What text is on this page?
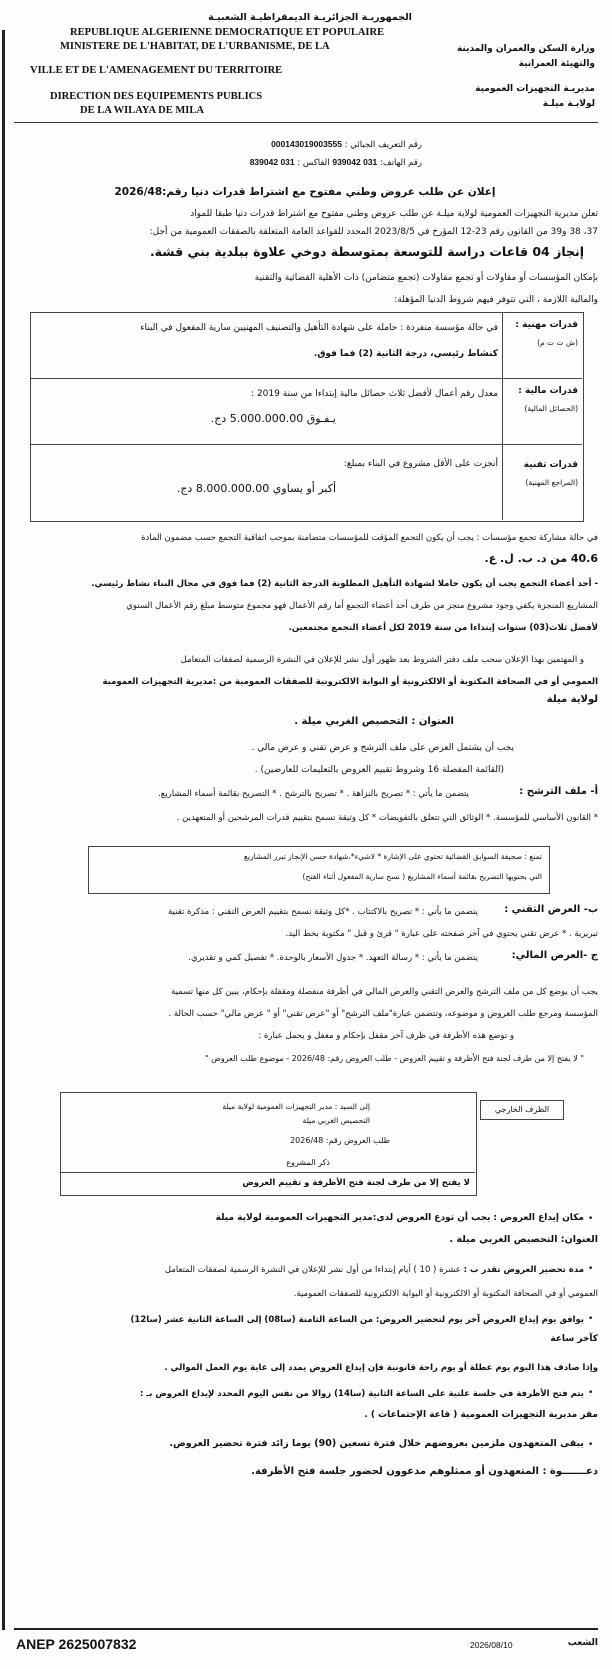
الجمهوريـة الجزائريـة الديمقراطيـة الشعبيـة
REPUBLIQUE ALGERIENNE DEMOCRATIQUE ET POPULAIRE
MINISTERE DE L'HABITAT, DE L'URBANISME, DE LA
VILLE ET DE L'AMENAGEMENT DU TERRITOIRE
DIRECTION DES EQUIPEMENTS PUBLICS
DE LA WILAYA DE MILA
وزارة السكن والعمران والمدينة
والتهيئة العمرانية
مديريـة التجهيزات العمومية
لولايـة ميلـة
رقم التعريف الجبائي : 000143019003555
رقم الهاتف: 031 939042 الفاكس : 031 839042
إعلان عن طلب عروض وطني مفتوح مع اشتراط قدرات دنيا رقم:2026/48
تعلن مديرية التجهيزات العمومية لولاية ميلـة عن طلب عروض وطني مفتوح مع اشتراط قدرات دنيا طبقا للمواد
37، 38 و39 من القانون رقم 23-12 المؤرخ في 2023/8/5 المحدد للقواعد العامة المتعلقة بالصفقات العمومية من أجل:
إنجاز 04 قاعات دراسة للتوسعة بمتوسطة دوخي علاوة ببلدية بني قشة.
بإمكان المؤسسات أو مقاولات أو تجمع مقاولات (تجمع متضامن) ذات الأهلية القضائية والتقنية
والمالية اللازمة ، التي تتوفر فيهم شروط الدنيا المؤهلة:
قدرات مهنية :
(ش ت ت م)
في حالة مؤسسة منفردة : حاملة على شهادة التأهيل والتصنيف المهنيين سارية المفعول في البناء
كنشاط رئيسي، درجة الثانية (2) فما فوق.
قدرات مالية :
(الحصائل المالية)
معدل رقم أعمال لأفضل ثلاث حصائل مالية إبتداءا من سنة 2019 :
يـفـوق 5.000.000.00 دج.
قدرات تقنية
(المراجع المهنية)
أنجزت على الأقل مشروع في البناء بمبلغ:
أكبر أو يساوي 8.000.000.00 دج.
في حالة مشاركة تجمع مؤسسات : يجب أن يكون التجمع المؤقت للمؤسسات متضامنة بموجب اتفاقية التجمع حسب مضمون المادة
40.6 من د. ب. ل. ع.
- أحد أعضاء التجمع يجب أن يكون حاملا لشهادة التأهيل المطلوبة الدرجة الثانية (2) فما فوق في مجال البناء نشاط رئيسي.
المشاريع المنجزة يكفي وجود مشروع منجز من طرف أحد أعضاء التجمع أما رقم الأعمال فهو مجموع متوسط مبلغ رقم الأعمال السنوي
لأفضل ثلاث(03) سنوات إبتداءا من سنة 2019 لكل أعضاء التجمع مجتمعين.
و المهتمين بهذا الإعلان سحب ملف دفتر الشروط بعد ظهور أول نشر للإعلان في النشرة الرسمية لصفقات المتعامل
العمومي أو في الصحافة المكتوبة أو الالكترونية أو البوابة الالكترونية للصفقات العمومية من :مديرية التجهيزات العمومية
لولاية ميلة
العنوان : التحصيص الغربي ميلة .
يجب أن يشتمل العرض على ملف الترشح و عرض تقني و عرض مالي .
(القائمة المفصلة 16 وشروط تقييم العروض بالتعليمات للعارضين) .
أ- ملف الترشح :
يتضمن ما يأتي : * تصريح بالنزاهة . * تصريح بالترشح . * التصريح بقائمة أسماء المشاريع.
* القانون الأساسي للمؤسسة. * الوثائق التي تتعلق بالتفويضات * كل وثيقة تسمح بتقييم قدرات المرشحين أو المتعهدين .
تمنع : صحيفة السوابق القضائية تحتوي على الإشارة * لاشيء*،شهادة حسن الإنجاز تبرر المشاريع
التي يحتويها التصريح بقائمة أسماء المشاريع ( نسخ سارية المفعول أثناء الفتح)
ب- العرض التقني :
يتضمن ما يأتي : * تصريح بالاكتتاب . *كل وثيقة تسمح بتقييم العرض التقني : مذكرة تقنية
تبريرية . * عرض تقني يحتوي في آخر صفحته على عبارة " قرئ و قبل " مكتوبة بخط اليد.
ج -العرض المالي:
يتضمن ما يأتي : * رسالة التعهد. * جدول الأسعار بالوحدة. * تفصيل كمي و تقديري.
يجب أن يوضع كل من ملف الترشح والعرض التقني والعرض المالي في أظرفة منفصلة ومقفلة بإحكام، يبين كل منها تسمية
المؤسسة ومرجع طلب العروض و موضوعه، وتتضمن عبارة"ملف الترشح" أو "عرض تقني" أو " عرض مالي" حسب الحالة .
و توضع هذه الأظرفة في ظرف آخر مقفل بإحكام و مغفل و يحمل عبارة :
" لا يفتح إلا من طرف لجنة فتح الأظرفة و تقييم العروض - طلب العروض رقم: 2026/48 - موضوع طلب العروض "
الظرف الخارجي
إلى السيد : مدير التجهيزات العمومية لولاية ميلة
التحصيص الغربي ميلة
طلب العروض رقم: 2026/48
ذكر المشروع
لا يفتح إلا من طرف لجنة فتح الأظرفة و تقييم العروض
مكان إيداع العروض : يجب أن تودع العروض لدى:مدير التجهيزات العمومية لولاية ميلة
العنوان: التحصيص الغربي ميلة .
مدة تحضير العروض تقدر ب : عشرة ( 10 ) أيام إبتداءا من أول نشر للإعلان في النشرة الرسمية لصفقات المتعامل
العمومي أو في الصحافة المكتوبة أو الالكترونية أو البوابة الالكترونية للصفقات العمومية.
يوافق يوم إيداع العروض آخر يوم لتحضير العروض: من الساعة الثامنة (سا08) إلى الساعة الثانية عشر (سا12)
كآخر ساعة
وإذا صادف هذا اليوم يوم عطلة أو يوم راحة قانونية فإن إيداع العروض يمدد إلى غاية يوم العمل الموالي .
يتم فتح الأظرفة في جلسة علنية على الساعة الثانية (سا14) زوالا من نفس اليوم المحدد لإيداع العروض بـ :
مقر مديرية التجهيزات العمومية ( قاعة الإجتماعات ) .
يبقى المتعهدون ملزمين بعروضهم خلال فترة تسعين (90) يوما زائد فترة تحضير العروض.
دعـــــــوة : المتعهدون أو ممثلوهم مدعوون لحضور جلسة فتح الأظرفة.
•
•
•
•
•
ANEP 2625007832	2026/08/10	الشعب
